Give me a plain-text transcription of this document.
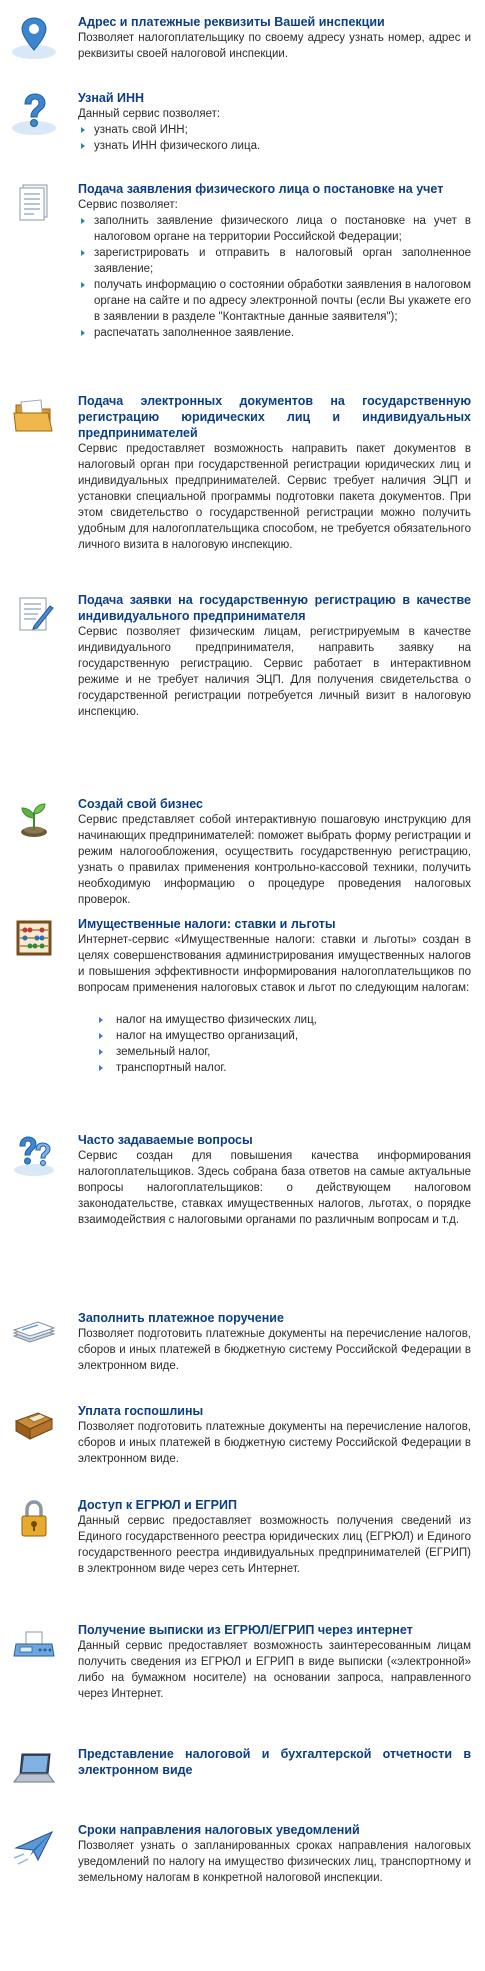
Адрес и платежные реквизиты Вашей инспекции

Позволяет налогоплательщику по своему адресу узнать номер, адрес и реквизиты своей налоговой инспекции.

Узнай ИНН

Данный сервис позволяет:

узнать свой ИНН;
узнать ИНН физического лица.
Подача заявления физического лица о постановке на учет

Сервис позволяет:

заполнить заявление физического лица о постановке на учет в налоговом органе на территории Российской Федерации;
зарегистрировать и отправить в налоговый орган заполненное заявление;
получать информацию о состоянии обработки заявления в налоговом органе на сайте и по адресу электронной почты (если Вы укажете его в заявлении в разделе "Контактные данные заявителя");
распечатать заполненное заявление.
Подача электронных документов на государственную регистрацию юридических лиц и индивидуальных предпринимателей

Сервис предоставляет возможность направить пакет документов в налоговый орган при государственной регистрации юридических лиц и индивидуальных предпринимателей. Сервис требует наличия ЭЦП и установки специальной программы подготовки пакета документов. При этом свидетельство о государственной регистрации можно получить удобным для налогоплательщика способом, не требуется обязательного личного визита в налоговую инспекцию.

Подача заявки на государственную регистрацию в качестве индивидуального предпринимателя

Сервис позволяет физическим лицам, регистрируемым в качестве индивидуального предпринимателя, направить заявку на государственную регистрацию. Сервис работает в интерактивном режиме и не требует наличия ЭЦП. Для получения свидетельства о государственной регистрации потребуется личный визит в налоговую инспекцию.

Создай свой бизнес

Сервис представляет собой интерактивную пошаговую инструкцию для начинающих предпринимателей: поможет выбрать форму регистрации и режим налогообложения, осуществить государственную регистрацию, узнать о правилах применения контрольно-кассовой техники, получить необходимую информацию о процедуре проведения налоговых проверок.

Имущественные налоги: ставки и льготы

Интернет-сервис «Имущественные налоги: ставки и льготы» создан в целях совершенствования администрирования имущественных налогов и повышения эффективности информирования налогоплательщиков по вопросам применения налоговых ставок и льгот по следующим налогам:

налог на имущество физических лиц,
налог на имущество организаций,
земельный налог,
транспортный налог.
Часто задаваемые вопросы

Сервис создан для повышения качества информирования налогоплательщиков. Здесь собрана база ответов на самые актуальные вопросы налогоплательщиков: о действующем налоговом законодательстве, ставках имущественных налогов, льготах, о порядке взаимодействия с налоговыми органами по различным вопросам и т.д.

Заполнить платежное поручение

Позволяет подготовить платежные документы на перечисление налогов, сборов и иных платежей в бюджетную систему Российской Федерации в электронном виде.

Уплата госпошлины

Позволяет подготовить платежные документы на перечисление налогов, сборов и иных платежей в бюджетную систему Российской Федерации в электронном виде.

Доступ к ЕГРЮЛ и ЕГРИП

Данный сервис предоставляет возможность получения сведений из Единого государственного реестра юридических лиц (ЕГРЮЛ) и Единого государственного реестра индивидуальных предпринимателей (ЕГРИП) в электронном виде через сеть Интернет.

Получение выписки из ЕГРЮЛ/ЕГРИП через интернет

Данный сервис предоставляет возможность заинтересованным лицам получить сведения из ЕГРЮЛ и ЕГРИП в виде выписки («электронной» либо на бумажном носителе) на основании запроса, направленного через Интернет.

Представление налоговой и бухгалтерской отчетности в электронном виде
Сроки направления налоговых уведомлений

Позволяет узнать о запланированных сроках направления налоговых уведомлений по налогу на имущество физических лиц, транспортному и земельному налогам в конкретной налоговой инспекции.
